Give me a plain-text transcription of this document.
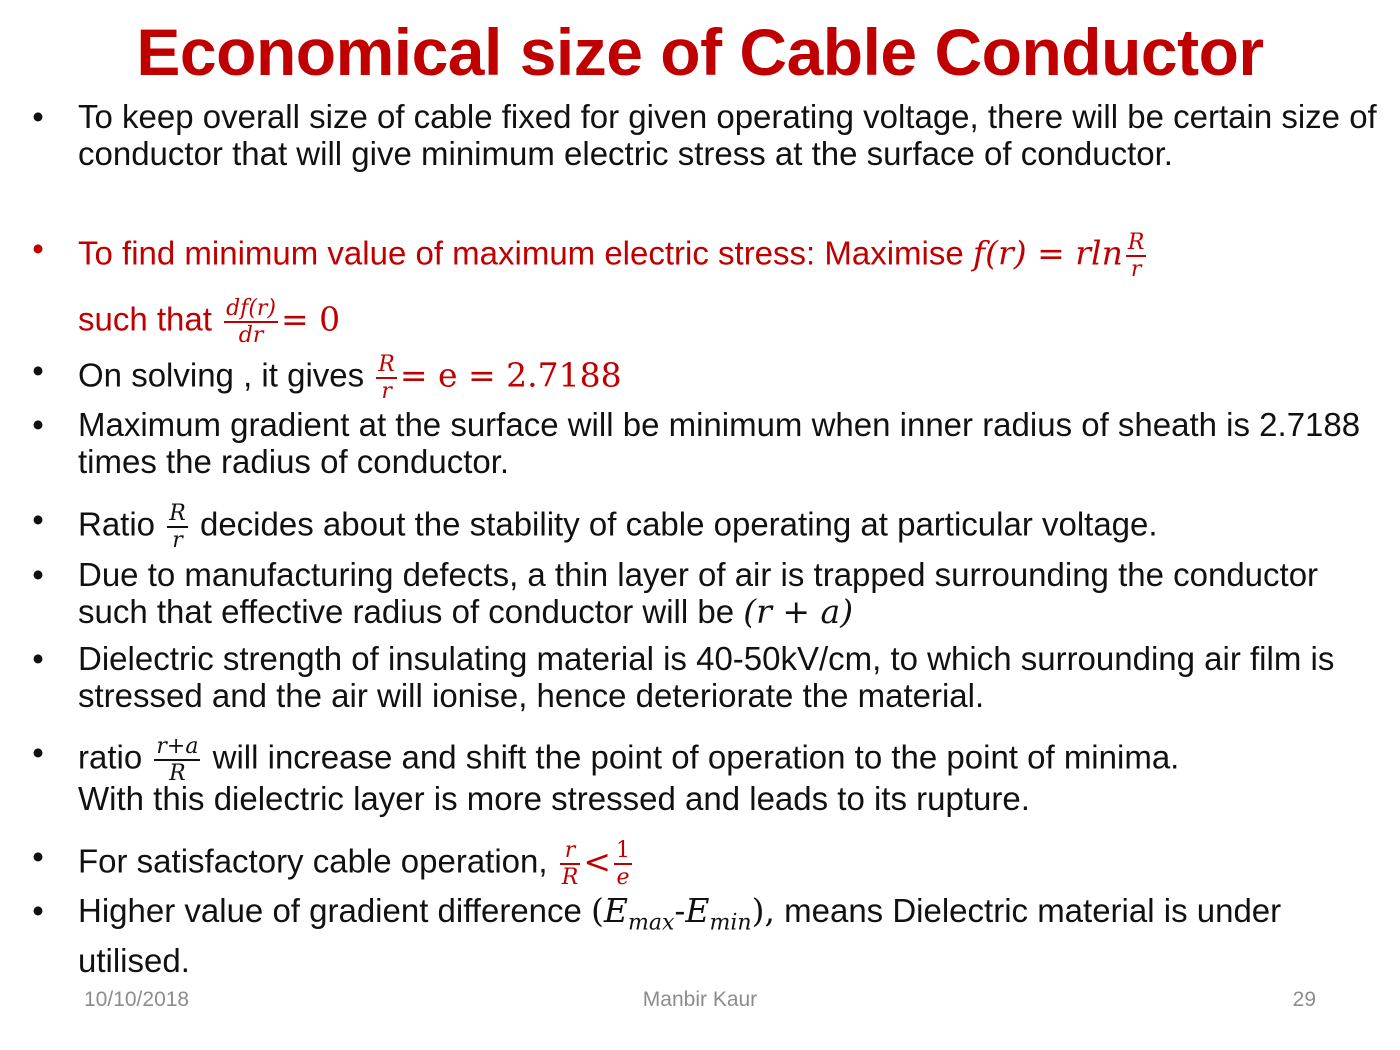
Economical size of Cable Conductor
• To keep overall size of cable fixed for given operating voltage, there will be certain size of conductor that will give minimum electric stress at the surface of conductor.
• To find minimum value of maximum electric stress: Maximise f(r) = rln $\frac{R}{r}$
such that $\frac{df(r)}{dr} = 0$
• On solving , it gives $\frac{R}{r} = e = 2.7188$
• Maximum gradient at the surface will be minimum when inner radius of sheath is 2.7188 times the radius of conductor.
• Ratio $\frac{R}{r}$ decides about the stability of cable operating at particular voltage.
• Due to manufacturing defects, a thin layer of air is trapped surrounding the conductor such that effective radius of conductor will be (r + a)
• Dielectric strength of insulating material is 40-50kV/cm, to which surrounding air film is stressed and the air will ionise, hence deteriorate the material.
• ratio $\frac{r+a}{R}$ will increase and shift the point of operation to the point of minima.
With this dielectric layer is more stressed and leads to its rupture.
• For satisfactory cable operation, $\frac{r}{R} < \frac{1}{e}$
• Higher value of gradient difference $(E_{max}-E_{min})$, means Dielectric material is under utilised.
10/10/2018	Manbir Kaur	29
